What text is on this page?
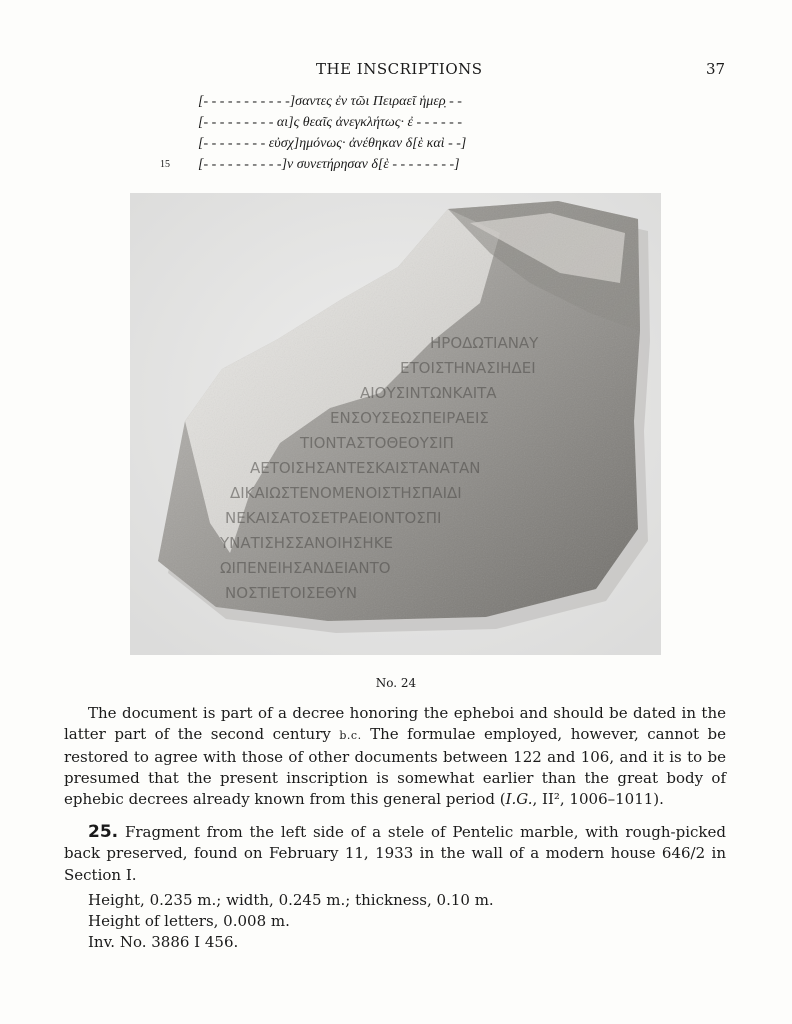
THE INSCRIPTIONS	37
[- - - - - - - - - - -]σαντες ἐν τῶι Πειραεῖ ἡμερ̣ - -
[- - - - - - - - - αι]ς θεαῖς ἀνεγκλήτως· ἐ - - - - - -
[- - - - - - - - εὐσχ]ημόνως· ἀνέθηκαν δ[ὲ καὶ - -]
15 [- - - - - - - - - -]ν συνετήρησαν δ[ὲ - - - - - - - -]
ΗΡΟΔΩΤΙΑΝΑΥ
ΕΤΟΙΣΤΗΝΑΣΙΗΔΕΙ
ΑΙΟΥΣΙΝΤΩΝΚΑΙΤΑ
ΕΝΣΟΥΣΕΩΣΠΕΙΡΑΕΙΣ
ΤΙΟΝΤΑΣΤΟΘΕΟΥΣΙΠ
ΑΕΤΟΙΣΗΣΑΝΤΕΣΚΑΙΣΤΑΝΑΤΑΝ
ΔΙΚΑΙΩΣΤΕΝΟΜΕΝΟΙΣΤΗΣΠΑΙΔΙ
ΝΕΚΑΙΣΑΤΟΣΕΤΡΑΕΙΟΝΤΟΣΠΙ
ΥΝΑΤΙΣΗΣΣΑΝΟΙΗΣΗΚΕ
ΩΙΠΕΝΕΙΗΣΑΝΔΕΙΑΝΤΟ
ΝΟΣΤΙΕΤΟΙΣΕΘΥΝ
No. 24

The document is part of a decree honoring the epheboi and should be dated in the latter part of the second century b.c. The formulae employed, however, cannot be restored to agree with those of other documents between 122 and 106, and it is to be presumed that the present inscription is somewhat earlier than the great body of ephebic decrees already known from this general period (I.G., II², 1006–1011).

25. Fragment from the left side of a stele of Pentelic marble, with rough-picked back preserved, found on February 11, 1933 in the wall of a modern house 646/2 in Section I.

Height, 0.235 m.; width, 0.245 m.; thickness, 0.10 m.

Height of letters, 0.008 m.

Inv. No. 3886 I 456.
